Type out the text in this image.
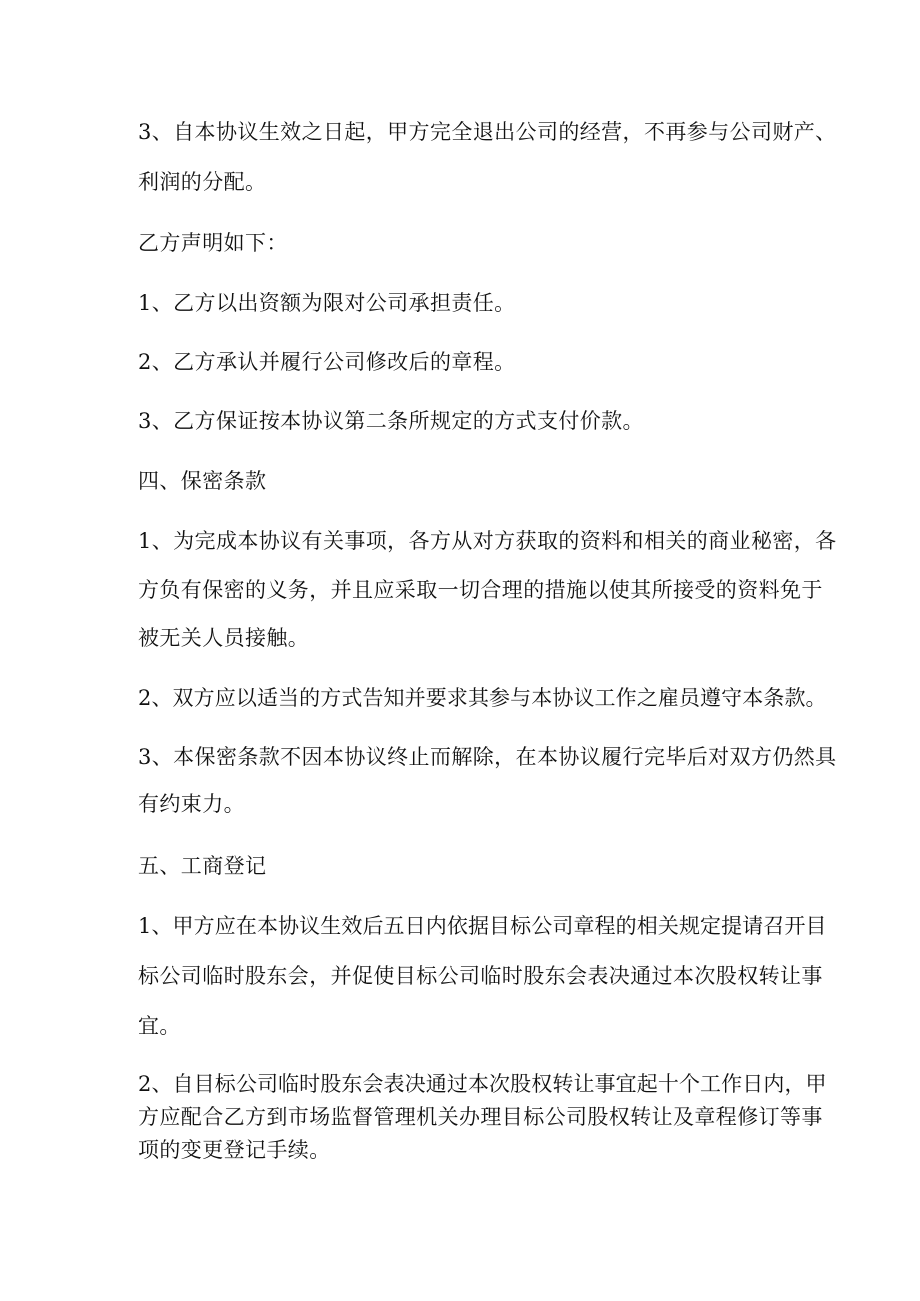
3、自本协议生效之日起，甲方完全退出公司的经营，不再参与公司财产、
利润的分配。
乙方声明如下：
1、乙方以出资额为限对公司承担责任。
2、乙方承认并履行公司修改后的章程。
3、乙方保证按本协议第二条所规定的方式支付价款。
四、保密条款
1、为完成本协议有关事项，各方从对方获取的资料和相关的商业秘密，各
方负有保密的义务，并且应采取一切合理的措施以使其所接受的资料免于
被无关人员接触。
2、双方应以适当的方式告知并要求其参与本协议工作之雇员遵守本条款。
3、本保密条款不因本协议终止而解除，在本协议履行完毕后对双方仍然具
有约束力。
五、工商登记
1、甲方应在本协议生效后五日内依据目标公司章程的相关规定提请召开目
标公司临时股东会，并促使目标公司临时股东会表决通过本次股权转让事
宜。
2、自目标公司临时股东会表决通过本次股权转让事宜起十个工作日内，甲
方应配合乙方到市场监督管理机关办理目标公司股权转让及章程修订等事
项的变更登记手续。
